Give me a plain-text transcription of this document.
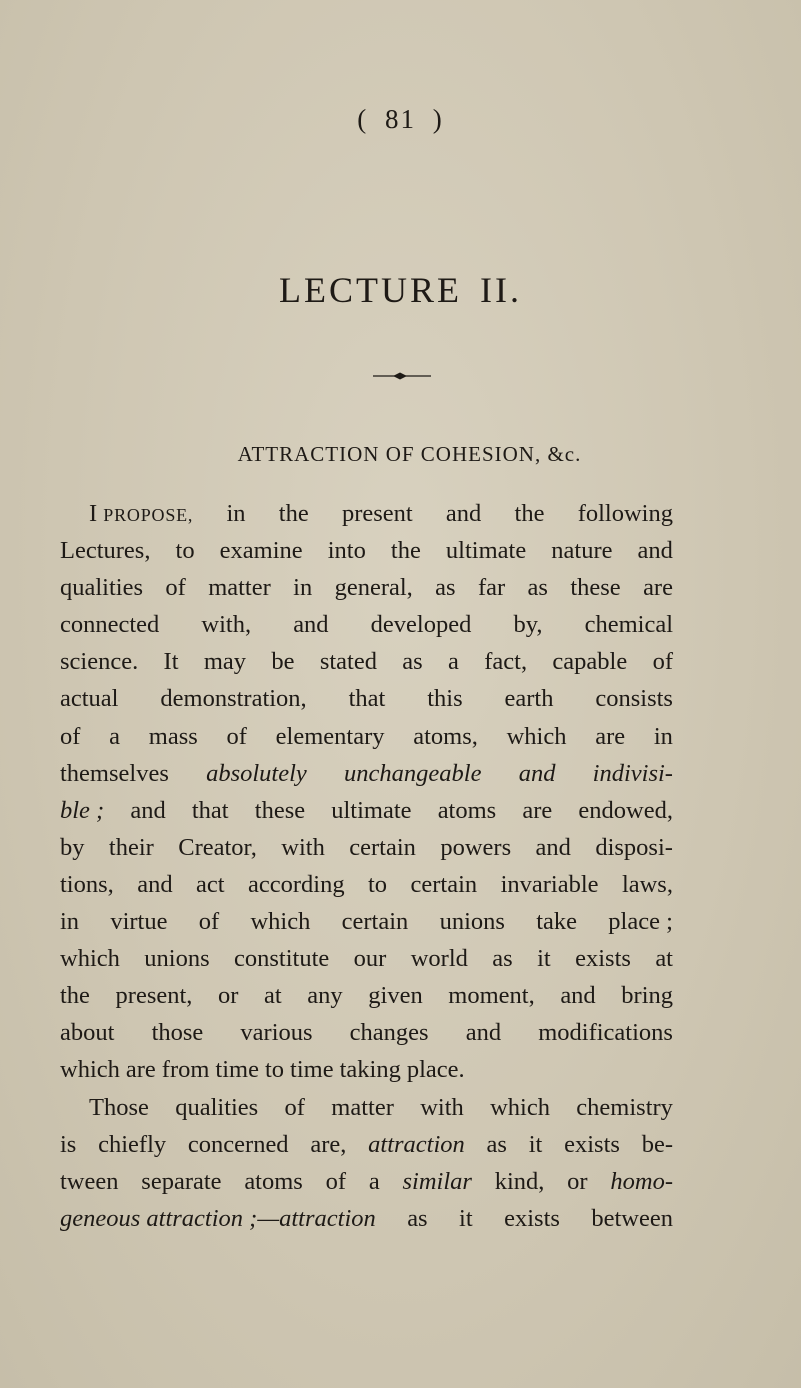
( 81 )
LECTURE II.
ATTRACTION OF COHESION, &c.
I PROPOSE, in the present and the following
Lectures, to examine into the ultimate nature and
qualities of matter in general, as far as these are
connected with, and developed by, chemical
science. It may be stated as a fact, capable of
actual demonstration, that this earth consists
of a mass of elementary atoms, which are in
themselves absolutely unchangeable and indivisi-
ble ; and that these ultimate atoms are endowed,
by their Creator, with certain powers and disposi-
tions, and act according to certain invariable laws,
in virtue of which certain unions take place ;
which unions constitute our world as it exists at
the present, or at any given moment, and bring
about those various changes and modifications
which are from time to time taking place.
Those qualities of matter with which chemistry
is chiefly concerned are, attraction as it exists be-
tween separate atoms of a similar kind, or homo-
geneous attraction ;—attraction as it exists between
